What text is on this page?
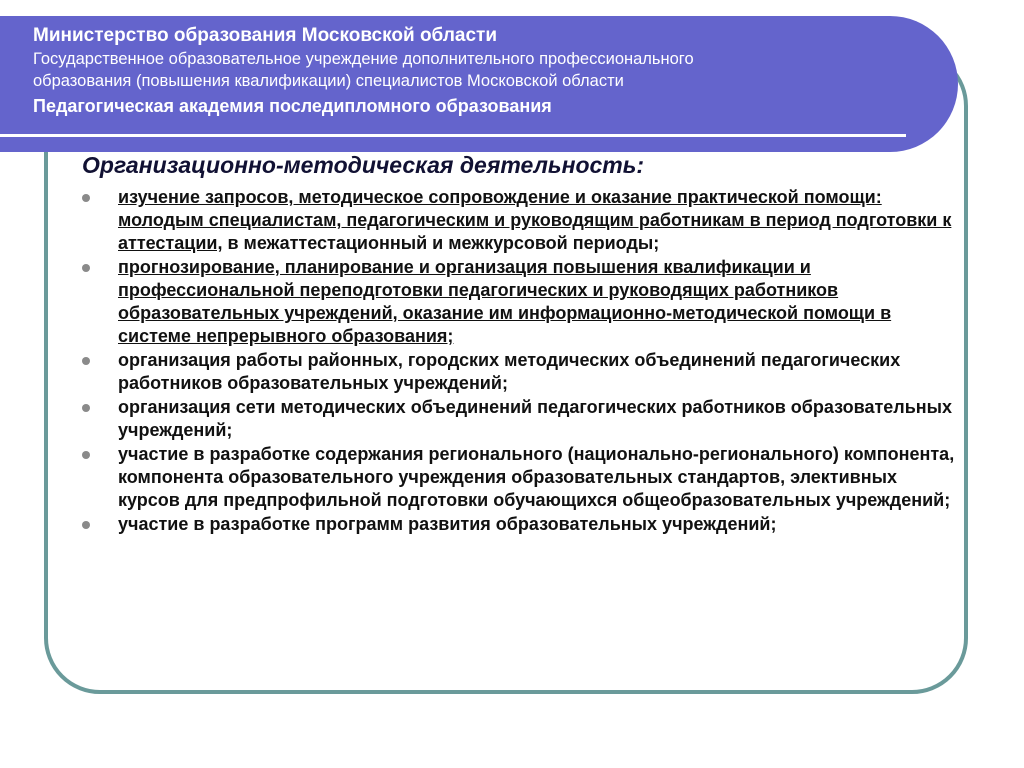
Министерство образования Московской области
Государственное образовательное учреждение дополнительного профессионального
образования (повышения квалификации) специалистов Московской области
Педагогическая академия последипломного образования
Организационно-методическая деятельность:
изучение запросов, методическое сопровождение и оказание практической помощи: молодым специалистам, педагогическим и руководящим работникам в период подготовки к аттестации, в межаттестационный и межкурсовой периоды;
прогнозирование, планирование и организация повышения квалификации и профессиональной переподготовки педагогических и руководящих работников образовательных учреждений, оказание им информационно-методической помощи в системе непрерывного образования;
организация работы районных, городских методических объединений педагогических работников образовательных учреждений;
организация сети методических объединений педагогических работников образовательных учреждений;
участие в разработке содержания регионального (национально-регионального) компонента, компонента образовательного учреждения образовательных стандартов, элективных курсов для предпрофильной подготовки обучающихся общеобразовательных учреждений;
участие в разработке программ развития образовательных учреждений;
